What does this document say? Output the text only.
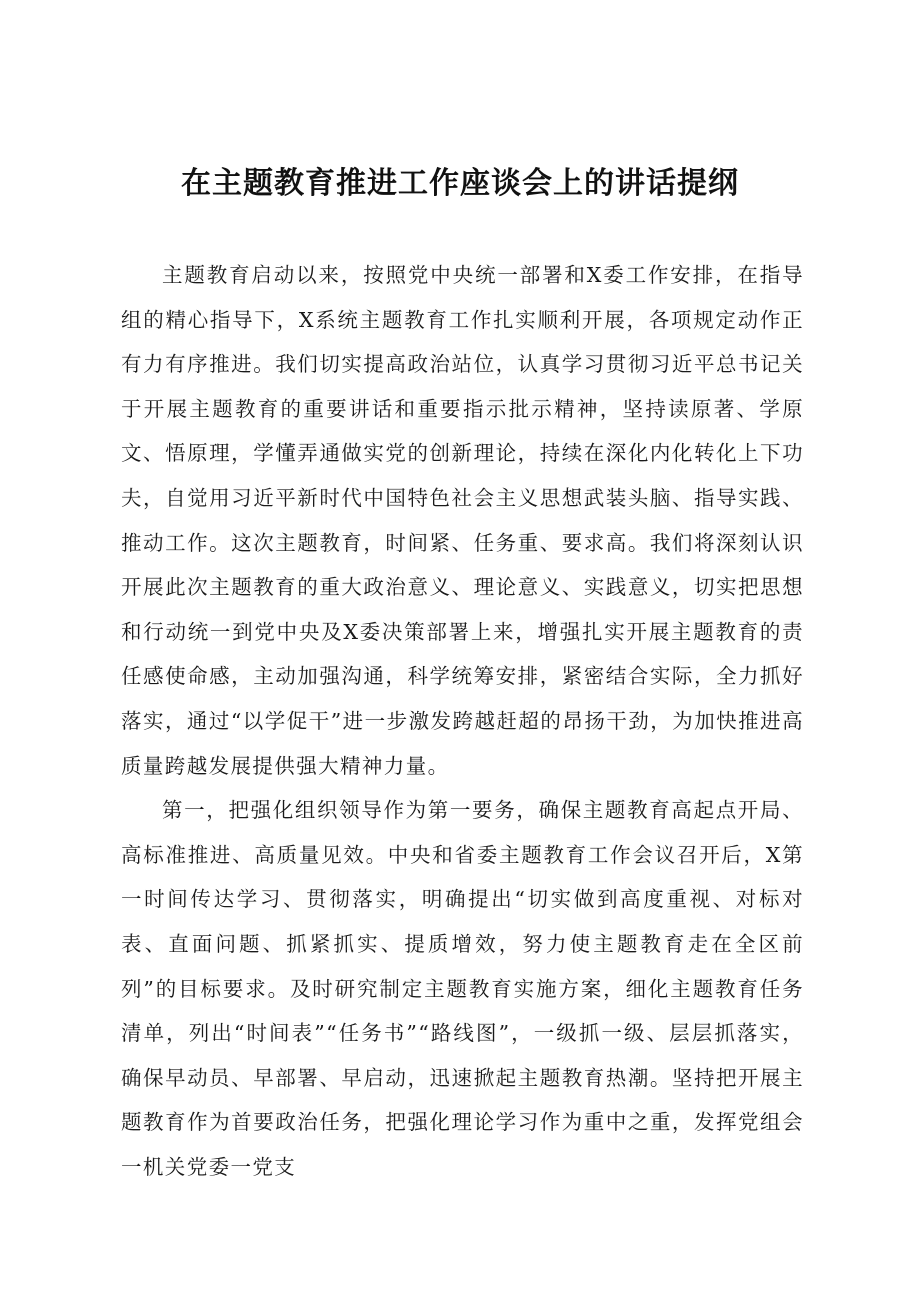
在主题教育推进工作座谈会上的讲话提纲

主题教育启动以来，按照党中央统一部署和X委工作安排，在指导组的精心指导下，X系统主题教育工作扎实顺利开展，各项规定动作正有力有序推进。我们切实提高政治站位，认真学习贯彻习近平总书记关于开展主题教育的重要讲话和重要指示批示精神，坚持读原著、学原文、悟原理，学懂弄通做实党的创新理论，持续在深化内化转化上下功夫，自觉用习近平新时代中国特色社会主义思想武装头脑、指导实践、推动工作。这次主题教育，时间紧、任务重、要求高。我们将深刻认识开展此次主题教育的重大政治意义、理论意义、实践意义，切实把思想和行动统一到党中央及X委决策部署上来，增强扎实开展主题教育的责任感使命感，主动加强沟通，科学统筹安排，紧密结合实际，全力抓好落实，通过“以学促干”进一步激发跨越赶超的昂扬干劲，为加快推进高质量跨越发展提供强大精神力量。

第一，把强化组织领导作为第一要务，确保主题教育高起点开局、高标准推进、高质量见效。中央和省委主题教育工作会议召开后，X第一时间传达学习、贯彻落实，明确提出“切实做到高度重视、对标对表、直面问题、抓紧抓实、提质增效，努力使主题教育走在全区前列”的目标要求。及时研究制定主题教育实施方案，细化主题教育任务清单，列出“时间表”“任务书”“路线图”，一级抓一级、层层抓落实，确保早动员、早部署、早启动，迅速掀起主题教育热潮。坚持把开展主题教育作为首要政治任务，把强化理论学习作为重中之重，发挥党组会一机关党委一党支
